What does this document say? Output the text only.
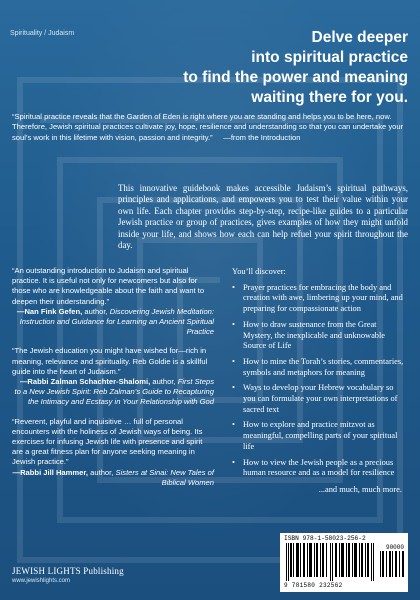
Spirituality / Judaism	Delve deeper
into spiritual practice
to find the power and meaning
waiting there for you.
“Spiritual practice reveals that the Garden of Eden is right where you are standing and helps you to be here, now. Therefore, Jewish spiritual practices cultivate joy, hope, resilience and understanding so that you can undertake your soul’s work in this lifetime with vision, passion and integrity.” —from the Introduction
This innovative guidebook makes accessible Judaism’s spiritual pathways, principles and applications, and empowers you to test their value within your own life. Each chapter provides step-by-step, recipe-like guides to a particular Jewish practice or group of practices, gives examples of how they might unfold inside your life, and shows how each can help refuel your spirit throughout the day.
“An outstanding introduction to Judaism and spiritual practice. It is useful not only for newcomers but also for those who are knowledgeable about the faith and want to deepen their understanding.”
—Nan Fink Gefen, author, Discovering Jewish Meditation: Instruction and Guidance for Learning an Ancient Spiritual Practice
“The Jewish education you might have wished for—rich in meaning, relevance and spirituality. Reb Goldie is a skillful guide into the heart of Judaism.”
—Rabbi Zalman Schachter-Shalomi, author, First Steps to a New Jewish Spirit: Reb Zalman’s Guide to Recapturing the Intimacy and Ecstasy in Your Relationship with God
“Reverent, playful and inquisitive … full of personal encounters with the holiness of Jewish ways of being. Its exercises for infusing Jewish life with presence and spirit are a great fitness plan for anyone seeking meaning in Jewish practice.”
—Rabbi Jill Hammer, author, Sisters at Sinai: New Tales of Biblical Women
You’ll discover:
• Prayer practices for embracing the body and creation with awe, limbering up your mind, and preparing for compassionate action
• How to draw sustenance from the Great Mystery, the inexplicable and unknowable Source of Life
• How to mine the Torah’s stories, commentaries, symbols and metaphors for meaning
• Ways to develop your Hebrew vocabulary so you can formulate your own interpretations of sacred text
• How to explore and practice mitzvot as meaningful, compelling parts of your spiritual life
• How to view the Jewish people as a precious human resource and as a model for resilience
...and much, much more.
JEWISH LIGHTS Publishing
www.jewishlights.com
ISBN 978-1-58023-256-2
90000
9 781580 232562
